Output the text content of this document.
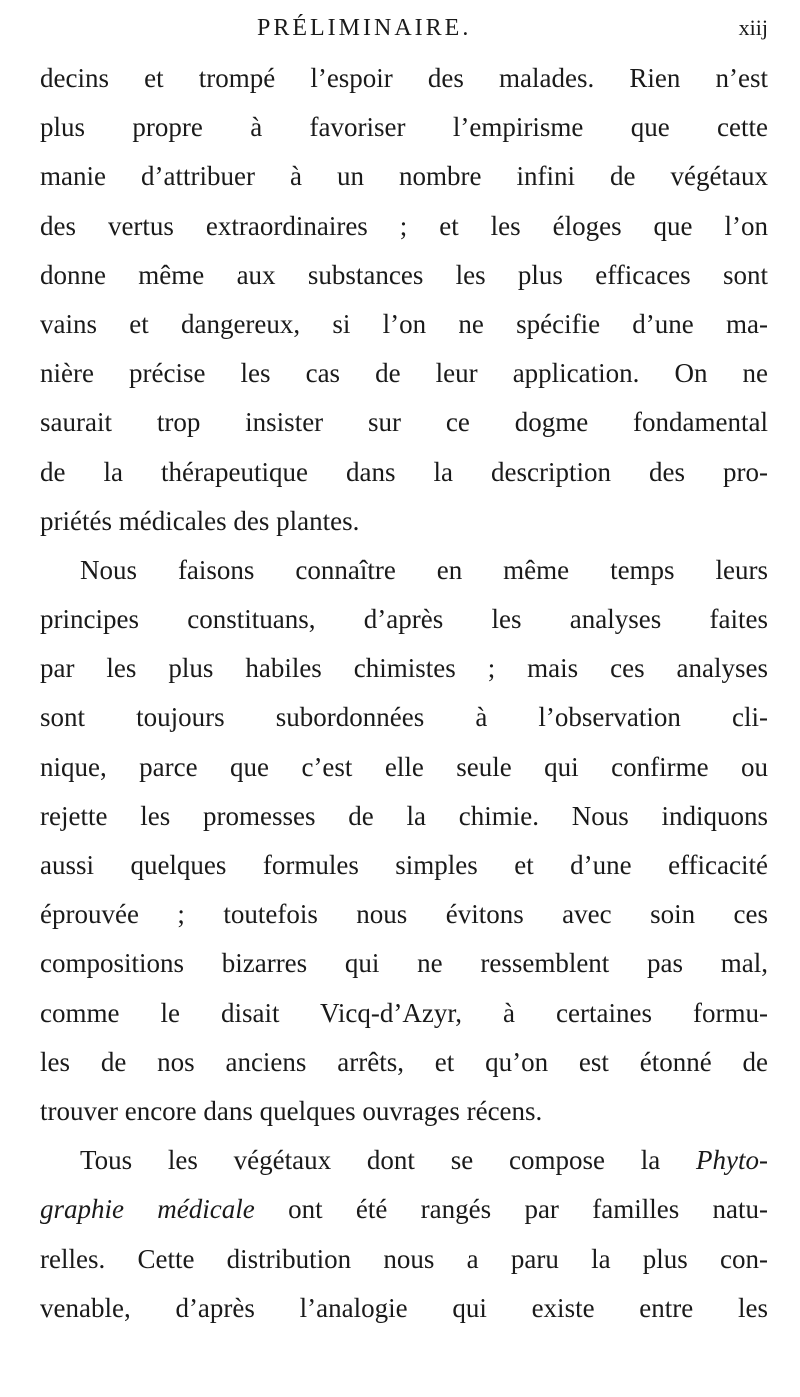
PRÉLIMINAIRE.	xiij
decins et trompé l’espoir des malades. Rien n’est
plus propre à favoriser l’empirisme que cette
manie d’attribuer à un nombre infini de végétaux
des vertus extraordinaires ; et les éloges que l’on
donne même aux substances les plus efficaces sont
vains et dangereux, si l’on ne spécifie d’une ma-
nière précise les cas de leur application. On ne
saurait trop insister sur ce dogme fondamental
de la thérapeutique dans la description des pro-
priétés médicales des plantes.
Nous faisons connaître en même temps leurs
principes constituans, d’après les analyses faites
par les plus habiles chimistes ; mais ces analyses
sont toujours subordonnées à l’observation cli-
nique, parce que c’est elle seule qui confirme ou
rejette les promesses de la chimie. Nous indiquons
aussi quelques formules simples et d’une efficacité
éprouvée ; toutefois nous évitons avec soin ces
compositions bizarres qui ne ressemblent pas mal,
comme le disait Vicq-d’Azyr, à certaines formu-
les de nos anciens arrêts, et qu’on est étonné de
trouver encore dans quelques ouvrages récens.
Tous les végétaux dont se compose la Phyto-
graphie médicale ont été rangés par familles natu-
relles. Cette distribution nous a paru la plus con-
venable, d’après l’analogie qui existe entre les
